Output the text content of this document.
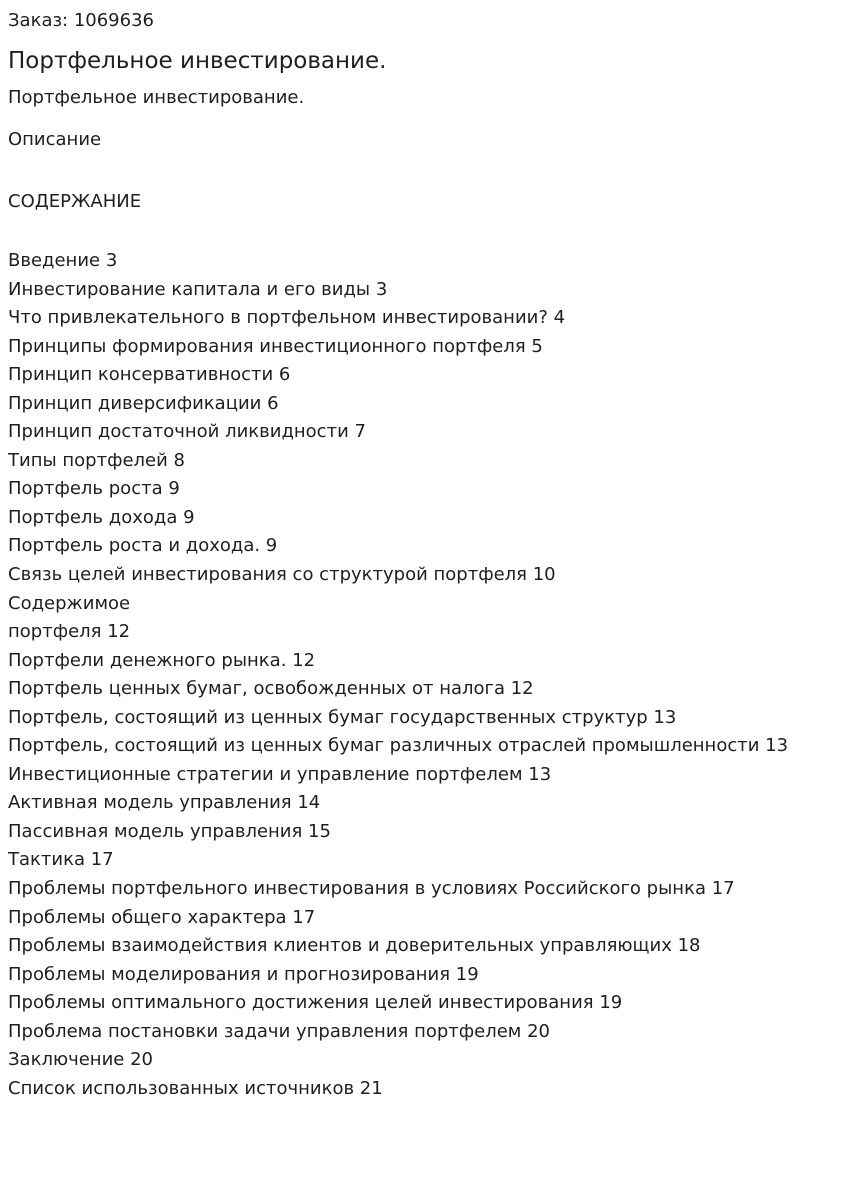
Заказ: 1069636

Портфельное инвестирование.

Портфельное инвестирование.

Описание

СОДЕРЖАНИЕ

Введение 3
Инвестирование капитала и его виды 3
Что привлекательного в портфельном инвестировании? 4
Принципы формирования инвестиционного портфеля 5
Принцип консервативности 6
Принцип диверсификации 6
Принцип достаточной ликвидности 7
Типы портфелей 8
Портфель роста 9
Портфель дохода 9
Портфель роста и дохода. 9
Связь целей инвестирования со структурой портфеля 10
Содержимое
портфеля 12
Портфели денежного рынка. 12
Портфель ценных бумаг, освобожденных от налога 12
Портфель, состоящий из ценных бумаг государственных структур 13
Портфель, состоящий из ценных бумаг различных отраслей промышленности 13
Инвестиционные стратегии и управление портфелем 13
Активная модель управления 14
Пассивная модель управления 15
Тактика 17
Проблемы портфельного инвестирования в условиях Российского рынка 17
Проблемы общего характера 17
Проблемы взаимодействия клиентов и доверительных управляющих 18
Проблемы моделирования и прогнозирования 19
Проблемы оптимального достижения целей инвестирования 19
Проблема постановки задачи управления портфелем 20
Заключение 20
Список использованных источников 21
